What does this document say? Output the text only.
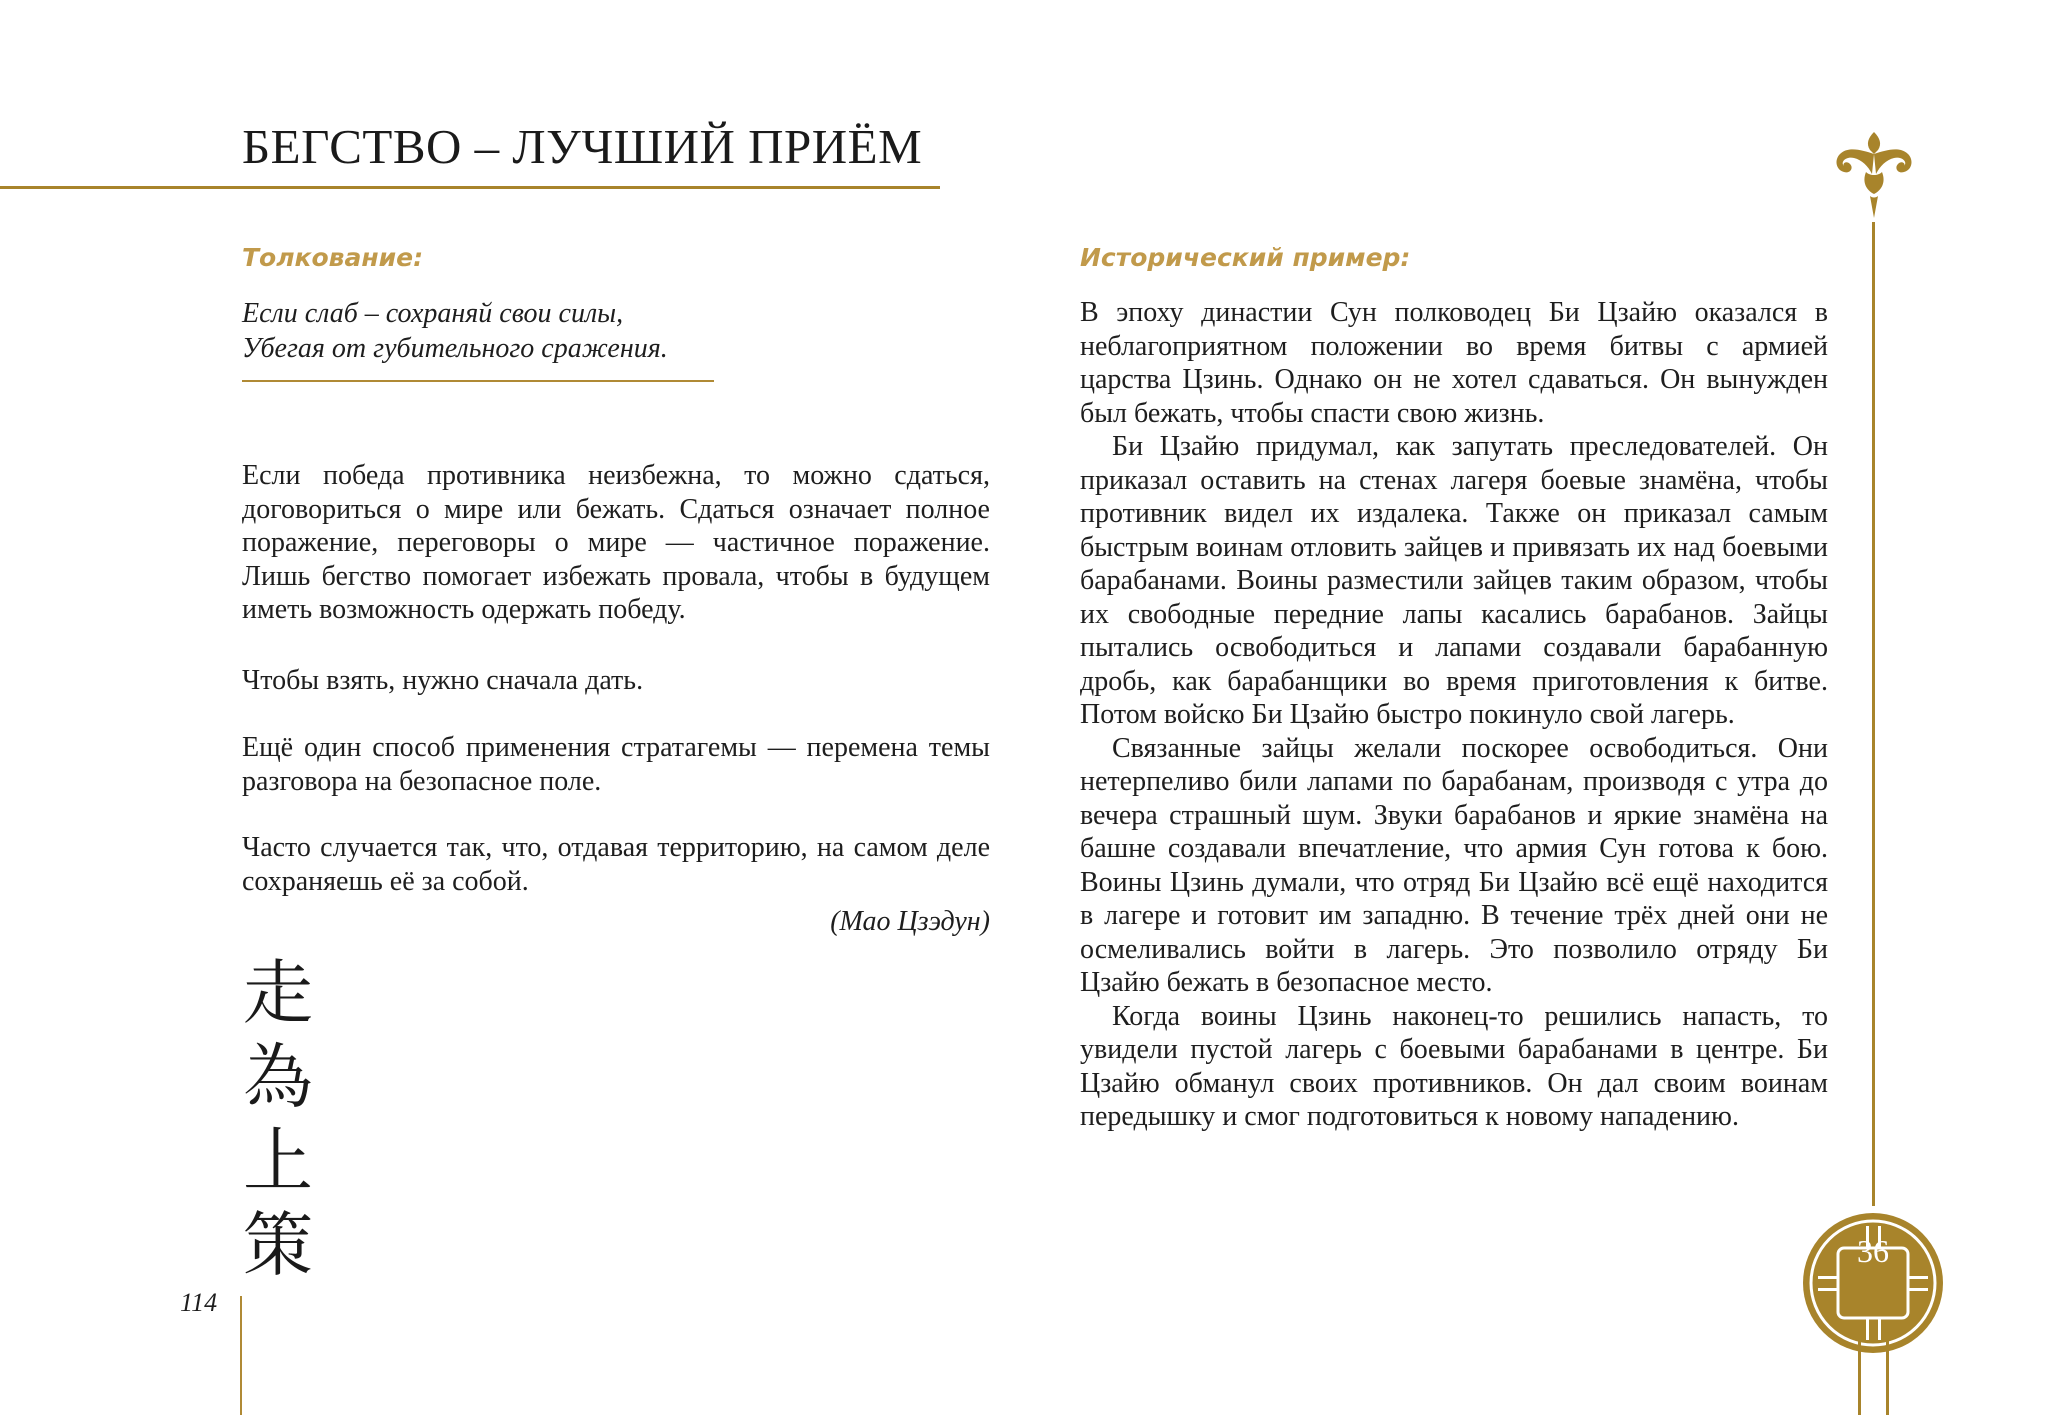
БЕГСТВО – ЛУЧШИЙ ПРИЁМ
Толкование:
Если слаб – сохраняй свои силы,
Убегая от губительного сражения.

Если победа противника неизбежна, то можно сдаться, договориться о мире или бежать. Сдаться означает полное поражение, переговоры о мире — частичное поражение. Лишь бегство помогает избежать провала, чтобы в будущем иметь возможность одержать победу.

Чтобы взять, нужно сначала дать.

Ещё один способ применения стратагемы — перемена темы разговора на безопасное поле.

Часто случается так, что, отдавая территорию, на самом деле сохраняешь её за собой.

(Мао Цзэдун)
走
為
上
策
114
Исторический пример:

В эпоху династии Сун полководец Би Цзайю оказался в неблагоприятном положении во время битвы с армией царства Цзинь. Однако он не хотел сдаваться. Он вынужден был бежать, чтобы спасти свою жизнь.

Би Цзайю придумал, как запутать преследователей. Он приказал оставить на стенах лагеря боевые знамёна, чтобы противник видел их издалека. Также он приказал самым быстрым воинам отловить зайцев и привязать их над боевыми барабанами. Воины разместили зайцев таким образом, чтобы их свободные передние лапы касались барабанов. Зайцы пытались освободиться и лапами создавали барабанную дробь, как барабанщики во время приготовления к битве. Потом войско Би Цзайю быстро покинуло свой лагерь.

Связанные зайцы желали поскорее освободиться. Они нетерпеливо били лапами по барабанам, производя с утра до вечера страшный шум. Звуки барабанов и яркие знамёна на башне создавали впечатление, что армия Сун готова к бою. Воины Цзинь думали, что отряд Би Цзайю всё ещё находится в лагере и готовит им западню. В течение трёх дней они не осмеливались войти в лагерь. Это позволило отряду Би Цзайю бежать в безопасное место.

Когда воины Цзинь наконец-то решились напасть, то увидели пустой лагерь с боевыми барабанами в центре. Би Цзайю обманул своих противников. Он дал своим воинам передышку и смог подготовиться к новому нападению.

36
